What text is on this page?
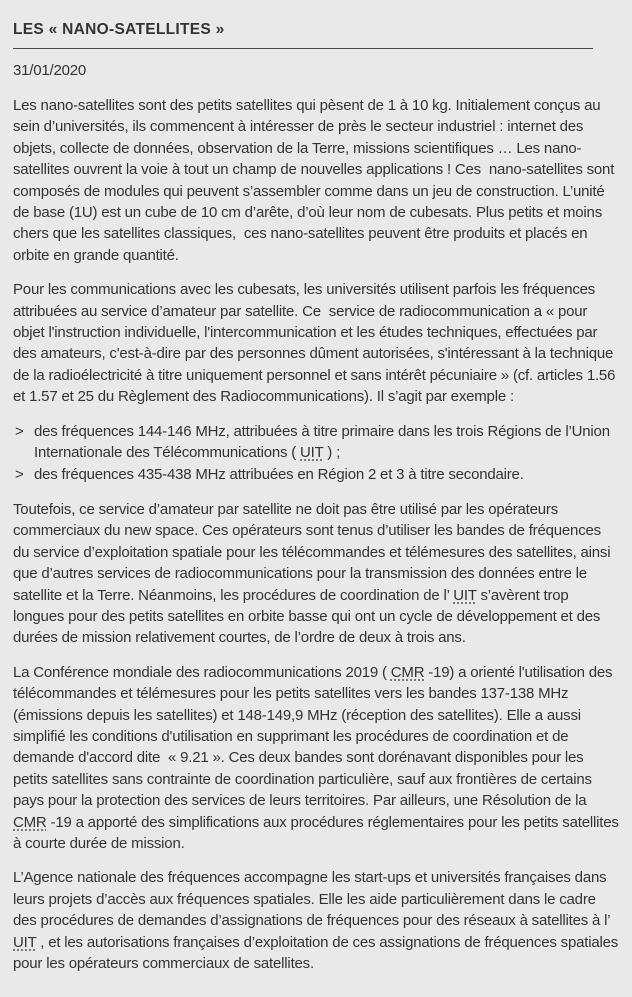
LES « NANO-SATELLITES »
31/01/2020

Les nano-satellites sont des petits satellites qui pèsent de 1 à 10 kg. Initialement conçus au sein d’universités, ils commencent à intéresser de près le secteur industriel : internet des objets, collecte de données, observation de la Terre, missions scientifiques … Les nano-satellites ouvrent la voie à tout un champ de nouvelles applications ! Ces  nano-satellites sont composés de modules qui peuvent s’assembler comme dans un jeu de construction. L’unité de base (1U) est un cube de 10 cm d’arête, d’où leur nom de cubesats. Plus petits et moins chers que les satellites classiques,  ces nano-satellites peuvent être produits et placés en orbite en grande quantité.

Pour les communications avec les cubesats, les universités utilisent parfois les fréquences attribuées au service d’amateur par satellite. Ce  service de radiocommunication a « pour objet l'instruction individuelle, l'intercommunication et les études techniques, effectuées par des amateurs, c'est-à-dire par des personnes dûment autorisées, s'intéressant à la technique de la radioélectricité à titre uniquement personnel et sans intérêt pécuniaire » (cf. articles 1.56 et 1.57 et 25 du Règlement des Radiocommunications). Il s’agit par exemple :

> des fréquences 144-146 MHz, attribuées à titre primaire dans les trois Régions de l’Union Internationale des Télécommunications ( UIT ) ;
> des fréquences 435-438 MHz attribuées en Région 2 et 3 à titre secondaire.

Toutefois, ce service d’amateur par satellite ne doit pas être utilisé par les opérateurs commerciaux du new space. Ces opérateurs sont tenus d’utiliser les bandes de fréquences du service d’exploitation spatiale pour les télécommandes et télémesures des satellites, ainsi que d’autres services de radiocommunications pour la transmission des données entre le satellite et la Terre. Néanmoins, les procédures de coordination de l’ UIT s’avèrent trop longues pour des petits satellites en orbite basse qui ont un cycle de développement et des durées de mission relativement courtes, de l’ordre de deux à trois ans.

La Conférence mondiale des radiocommunications 2019 ( CMR -19) a orienté l'utilisation des télécommandes et télémesures pour les petits satellites vers les bandes 137-138 MHz (émissions depuis les satellites) et 148-149,9 MHz (réception des satellites). Elle a aussi simplifié les conditions d'utilisation en supprimant les procédures de coordination et de demande d'accord dite  « 9.21 ». Ces deux bandes sont dorénavant disponibles pour les petits satellites sans contrainte de coordination particulière, sauf aux frontières de certains pays pour la protection des services de leurs territoires. Par ailleurs, une Résolution de la CMR -19 a apporté des simplifications aux procédures réglementaires pour les petits satellites à courte durée de mission.

L’Agence nationale des fréquences accompagne les start-ups et universités françaises dans leurs projets d’accès aux fréquences spatiales. Elle les aide particulièrement dans le cadre des procédures de demandes d’assignations de fréquences pour des réseaux à satellites à l’ UIT , et les autorisations françaises d’exploitation de ces assignations de fréquences spatiales pour les opérateurs commerciaux de satellites.
